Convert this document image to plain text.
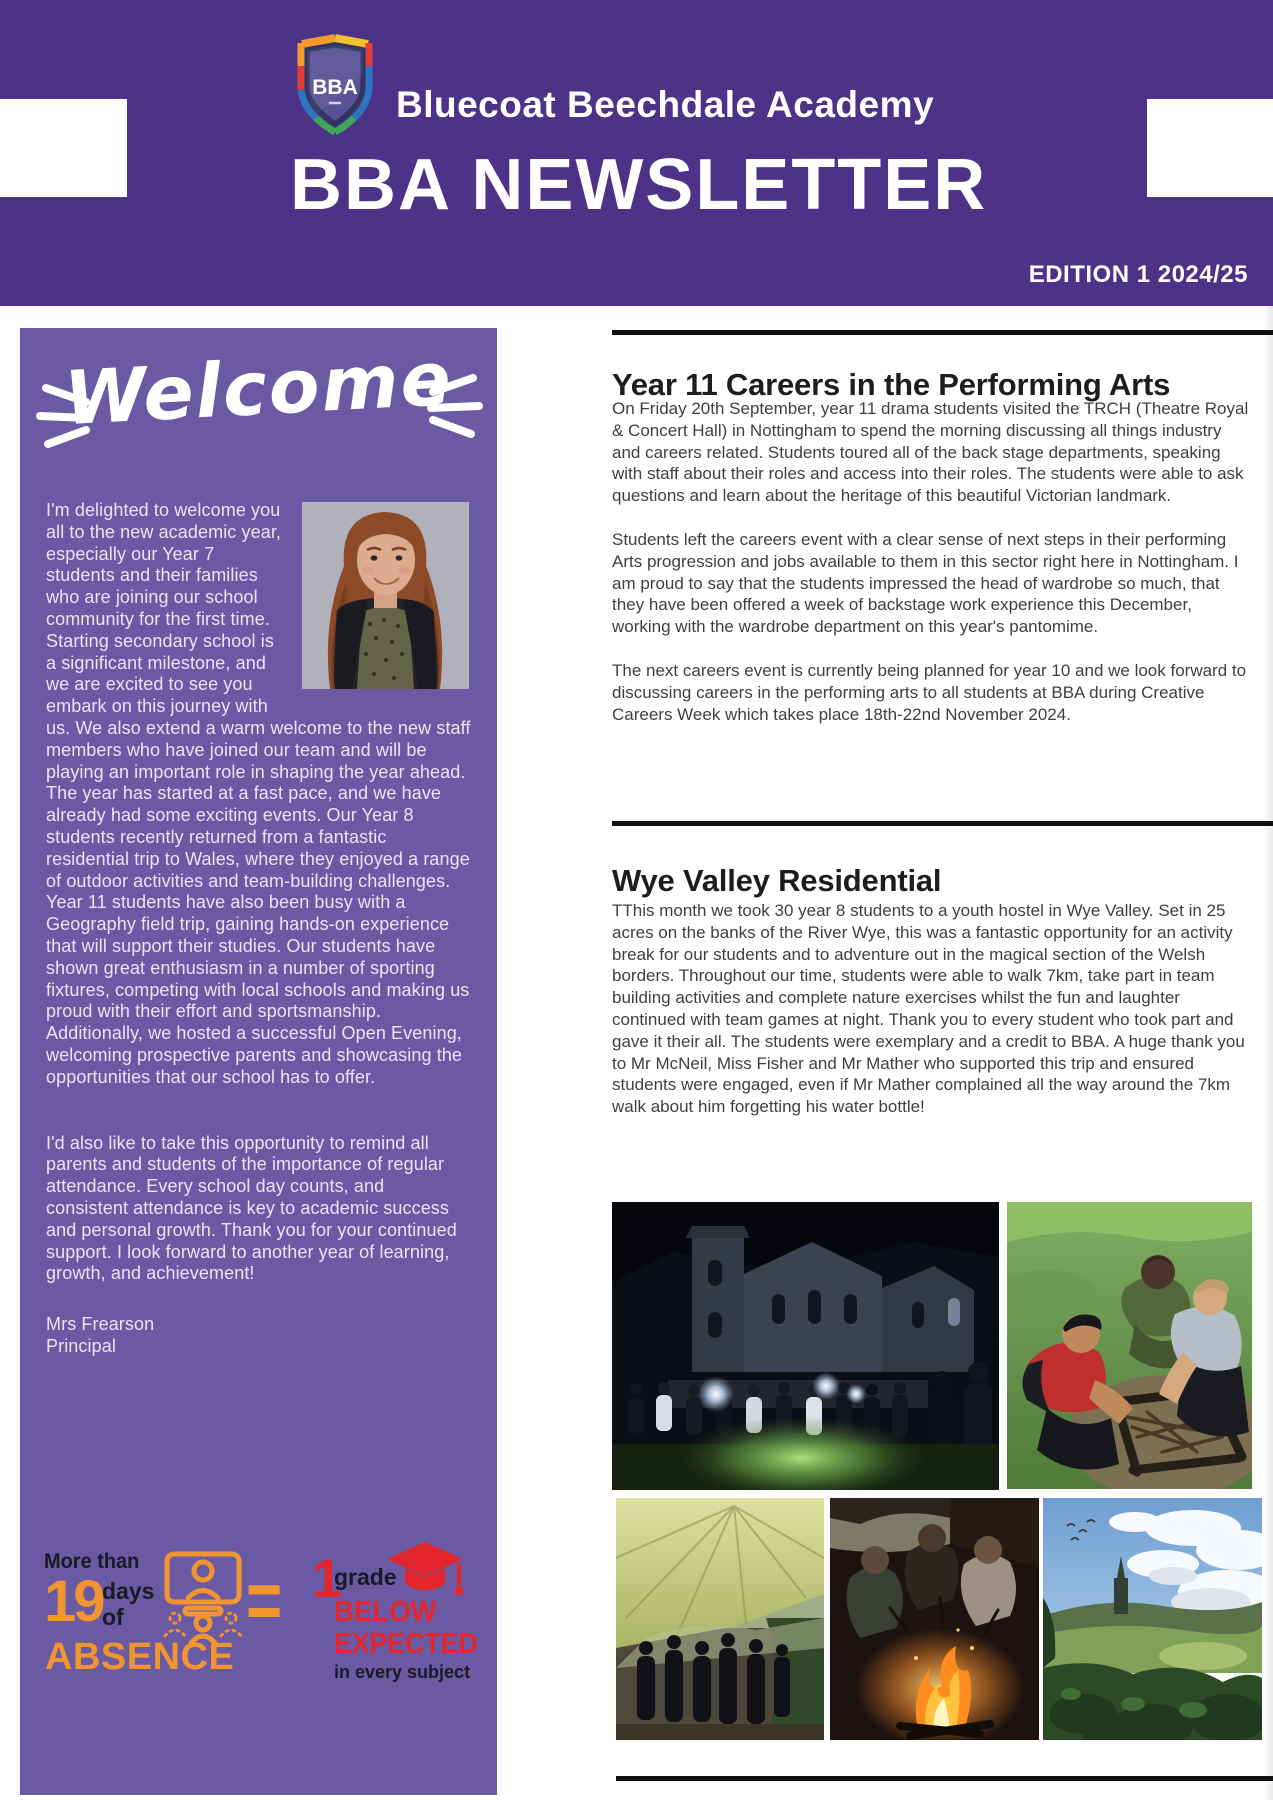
BBA Bluecoat Beechdale Academy
BBA NEWSLETTER
EDITION 1 2024/25
Welcome

I'm delighted to welcome you all to the new academic year, especially our Year 7 students and their families who are joining our school community for the first time. Starting secondary school is a significant milestone, and we are excited to see you embark on this journey with us. We also extend a warm welcome to the new staff members who have joined our team and will be playing an important role in shaping the year ahead. The year has started at a fast pace, and we have already had some exciting events. Our Year 8 students recently returned from a fantastic residential trip to Wales, where they enjoyed a range of outdoor activities and team-building challenges. Year 11 students have also been busy with a Geography field trip, gaining hands-on experience that will support their studies. Our students have shown great enthusiasm in a number of sporting fixtures, competing with local schools and making us proud with their effort and sportsmanship. Additionally, we hosted a successful Open Evening, welcoming prospective parents and showcasing the opportunities that our school has to offer.

I'd also like to take this opportunity to remind all parents and students of the importance of regular attendance. Every school day counts, and consistent attendance is key to academic success and personal growth. Thank you for your continued support. I look forward to another year of learning, growth, and achievement!

Mrs Frearson
Principal
More than
19 days
of
ABSENCE
= 1
grade
BELOW
EXPECTED
in every subject
Year 11 Careers in the Performing Arts

On Friday 20th September, year 11 drama students visited the TRCH (Theatre Royal & Concert Hall) in Nottingham to spend the morning discussing all things industry and careers related. Students toured all of the back stage departments, speaking with staff about their roles and access into their roles. The students were able to ask questions and learn about the heritage of this beautiful Victorian landmark.

Students left the careers event with a clear sense of next steps in their performing Arts progression and jobs available to them in this sector right here in Nottingham. I am proud to say that the students impressed the head of wardrobe so much, that they have been offered a week of backstage work experience this December, working with the wardrobe department on this year's pantomime.

The next careers event is currently being planned for year 10 and we look forward to discussing careers in the performing arts to all students at BBA during Creative Careers Week which takes place 18th-22nd November 2024.

Wye Valley Residential

TThis month we took 30 year 8 students to a youth hostel in Wye Valley. Set in 25 acres on the banks of the River Wye, this was a fantastic opportunity for an activity break for our students and to adventure out in the magical section of the Welsh borders. Throughout our time, students were able to walk 7km, take part in team building activities and complete nature exercises whilst the fun and laughter continued with team games at night. Thank you to every student who took part and gave it their all. The students were exemplary and a credit to BBA. A huge thank you to Mr McNeil, Miss Fisher and Mr Mather who supported this trip and ensured students were engaged, even if Mr Mather complained all the way around the 7km walk about him forgetting his water bottle!
